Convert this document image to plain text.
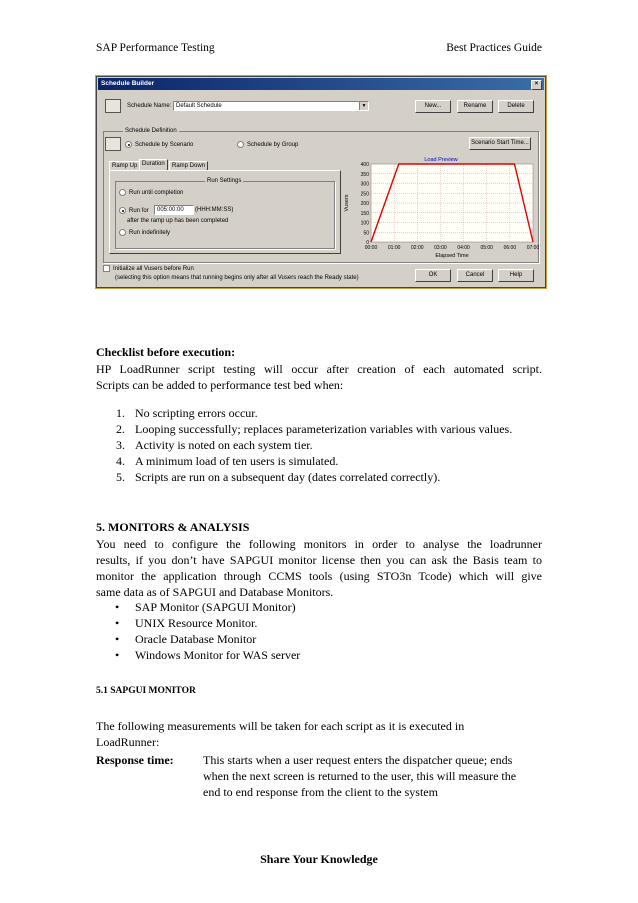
SAP Performance Testing	Best Practices Guide
Schedule Builder	×
Schedule Name: Default Schedule	▼	New...	Rename	Delete
Schedule Definition
Schedule by Scenario	Schedule by Group	Scenario Start Time...
Ramp Up Duration	Ramp Down
Run Settings
Run until completion
Run for	005:00:00	(HHH:MM:SS)
after the ramp up has been completed
Run indefinitely
Load Preview
0
50
100
150
200
250
300
350
400
00:00 01:00 02:00 03:00 04:00 05:00 06:00 07:00
Vusers
Elapsed Time
Initialize all Vusers before Run
(selecting this option means that running begins only after all Vusers reach the Ready state)	OK	Cancel	Help
Checklist before execution:
HP LoadRunner script testing will occur after creation of each automated script.
Scripts can be added to performance test bed when:
1. No scripting errors occur.
2. Looping successfully; replaces parameterization variables with various values.
3. Activity is noted on each system tier.
4. A minimum load of ten users is simulated.
5. Scripts are run on a subsequent day (dates correlated correctly).
5. MONITORS & ANALYSIS
You need to configure the following monitors in order to analyse the loadrunner
results, if you don’t have SAPGUI monitor license then you can ask the Basis team to
monitor the application through CCMS tools (using STO3n Tcode) which will give
same data as of SAPGUI and Database Monitors.
• SAP Monitor (SAPGUI Monitor)
• UNIX Resource Monitor.
• Oracle Database Monitor
• Windows Monitor for WAS server
5.1 SAPGUI MONITOR
The following measurements will be taken for each script as it is executed in
LoadRunner:
Response time: This starts when a user request enters the dispatcher queue; ends
when the next screen is returned to the user, this will measure the
end to end response from the client to the system
Share Your Knowledge
